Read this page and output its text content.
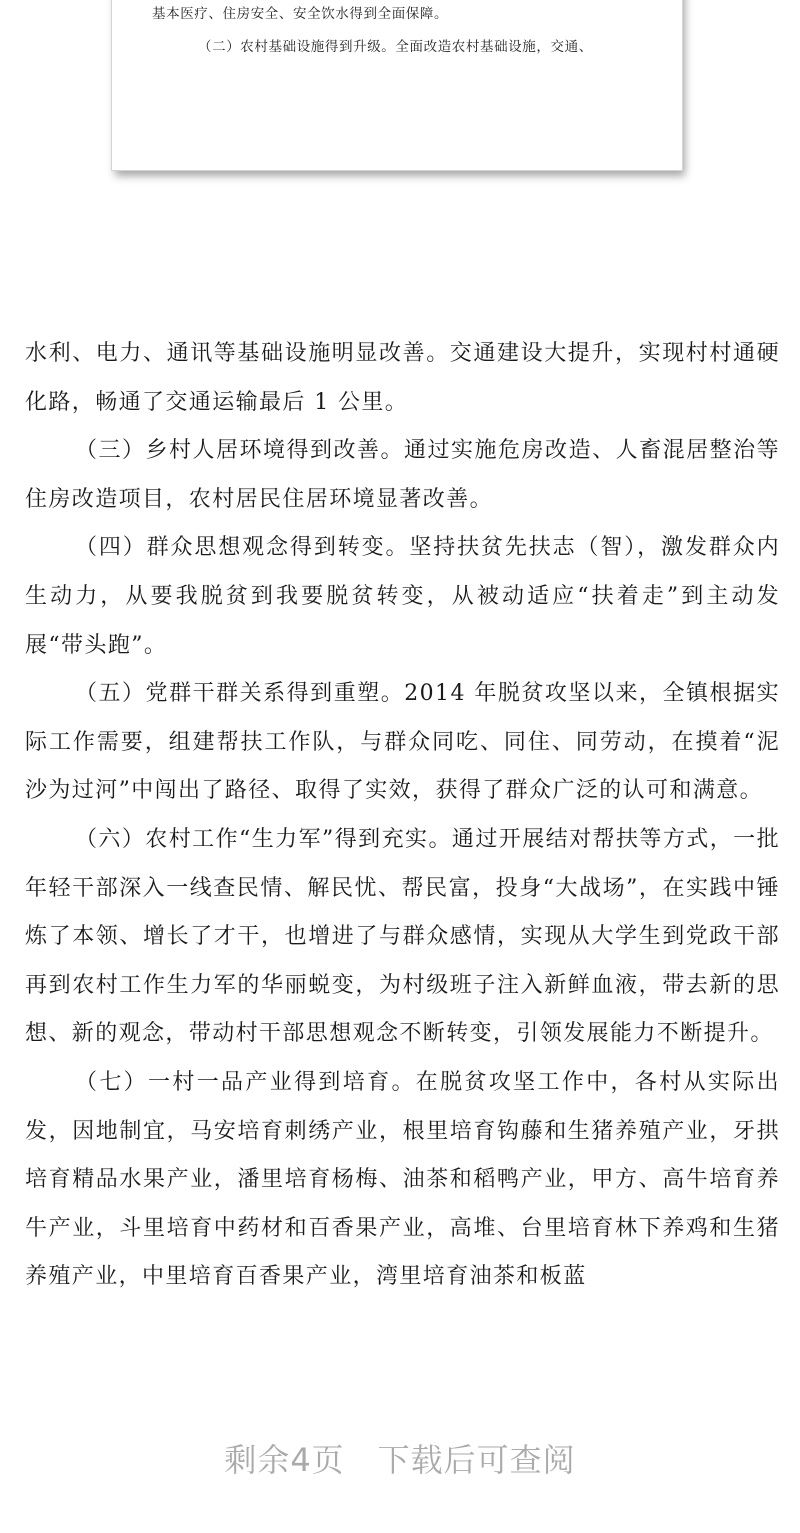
基本医疗、住房安全、安全饮水得到全面保障。
（二）农村基础设施得到升级。全面改造农村基础设施，交通、

水利、电力、通讯等基础设施明显改善。交通建设大提升，实现村村通硬化路，畅通了交通运输最后 1 公里。

（三）乡村人居环境得到改善。通过实施危房改造、人畜混居整治等住房改造项目，农村居民住居环境显著改善。

（四）群众思想观念得到转变。坚持扶贫先扶志（智），激发群众内生动力，从要我脱贫到我要脱贫转变，从被动适应“扶着走”到主动发展“带头跑”。

（五）党群干群关系得到重塑。2014 年脱贫攻坚以来，全镇根据实际工作需要，组建帮扶工作队，与群众同吃、同住、同劳动，在摸着“泥沙为过河”中闯出了路径、取得了实效，获得了群众广泛的认可和满意。

（六）农村工作“生力军”得到充实。通过开展结对帮扶等方式，一批年轻干部深入一线查民情、解民忧、帮民富，投身“大战场”，在实践中锤炼了本领、增长了才干，也增进了与群众感情，实现从大学生到党政干部再到农村工作生力军的华丽蜕变，为村级班子注入新鲜血液，带去新的思想、新的观念，带动村干部思想观念不断转变，引领发展能力不断提升。

（七）一村一品产业得到培育。在脱贫攻坚工作中，各村从实际出发，因地制宜，马安培育刺绣产业，根里培育钩藤和生猪养殖产业，牙拱培育精品水果产业，潘里培育杨梅、油茶和稻鸭产业，甲方、高牛培育养牛产业，斗里培育中药材和百香果产业，高堆、台里培育林下养鸡和生猪养殖产业，中里培育百香果产业，湾里培育油茶和板蓝

剩余4页　下载后可查阅
